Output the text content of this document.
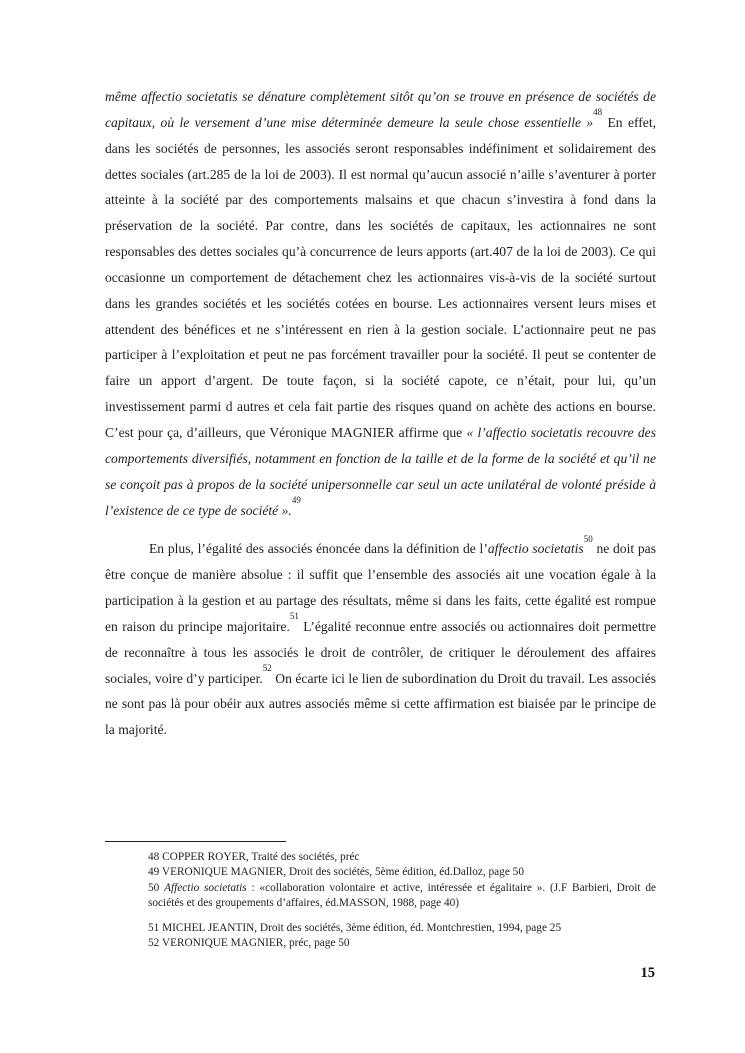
même affectio societatis se dénature complètement sitôt qu’on se trouve en présence de sociétés de capitaux, où le versement d’une mise déterminée demeure la seule chose essentielle »$^{48}$ En effet, dans les sociétés de personnes, les associés seront responsables indéfiniment et solidairement des dettes sociales (art.285 de la loi de 2003). Il est normal qu’aucun associé n’aille s’aventurer à porter atteinte à la société par des comportements malsains et que chacun s’investira à fond dans la préservation de la société. Par contre, dans les sociétés de capitaux, les actionnaires ne sont responsables des dettes sociales qu’à concurrence de leurs apports (art.407 de la loi de 2003). Ce qui occasionne un comportement de détachement chez les actionnaires vis-à-vis de la société surtout dans les grandes sociétés et les sociétés cotées en bourse. Les actionnaires versent leurs mises et attendent des bénéfices et ne s’intéressent en rien à la gestion sociale. L’actionnaire peut ne pas participer à l’exploitation et peut ne pas forcément travailler pour la société. Il peut se contenter de faire un apport d’argent. De toute façon, si la société capote, ce n’était, pour lui, qu’un investissement parmi d autres et cela fait partie des risques quand on achète des actions en bourse. C’est pour ça, d’ailleurs, que Véronique MAGNIER affirme que « l’affectio societatis recouvre des comportements diversifiés, notamment en fonction de la taille et de la forme de la société et qu’il ne se conçoit pas à propos de la société unipersonnelle car seul un acte unilatéral de volonté préside à l’existence de ce type de société ».$^{49}$

En plus, l’égalité des associés énoncée dans la définition de l’affectio societatis$^{50}$ ne doit pas être conçue de manière absolue : il suffit que l’ensemble des associés ait une vocation égale à la participation à la gestion et au partage des résultats, même si dans les faits, cette égalité est rompue en raison du principe majoritaire.$^{51}$ L’égalité reconnue entre associés ou actionnaires doit permettre de reconnaître à tous les associés le droit de contrôler, de critiquer le déroulement des affaires sociales, voire d’y participer.$^{52}$ On écarte ici le lien de subordination du Droit du travail. Les associés ne sont pas là pour obéir aux autres associés même si cette affirmation est biaisée par le principe de la majorité.

48 COPPER ROYER, Traité des sociétés, préc

49 VERONIQUE MAGNIER, Droit des sociétés, 5ème édition, éd.Dalloz, page 50

50 Affectio societatis : «collaboration volontaire et active, intéressée et égalitaire ». (J.F Barbieri, Droit de sociétés et des groupements d’affaires, éd.MASSON, 1988, page 40)

51 MICHEL JEANTIN, Droit des sociétés, 3ème édition, éd. Montchrestien, 1994, page 25

52 VERONIQUE MAGNIER, préc, page 50

15
